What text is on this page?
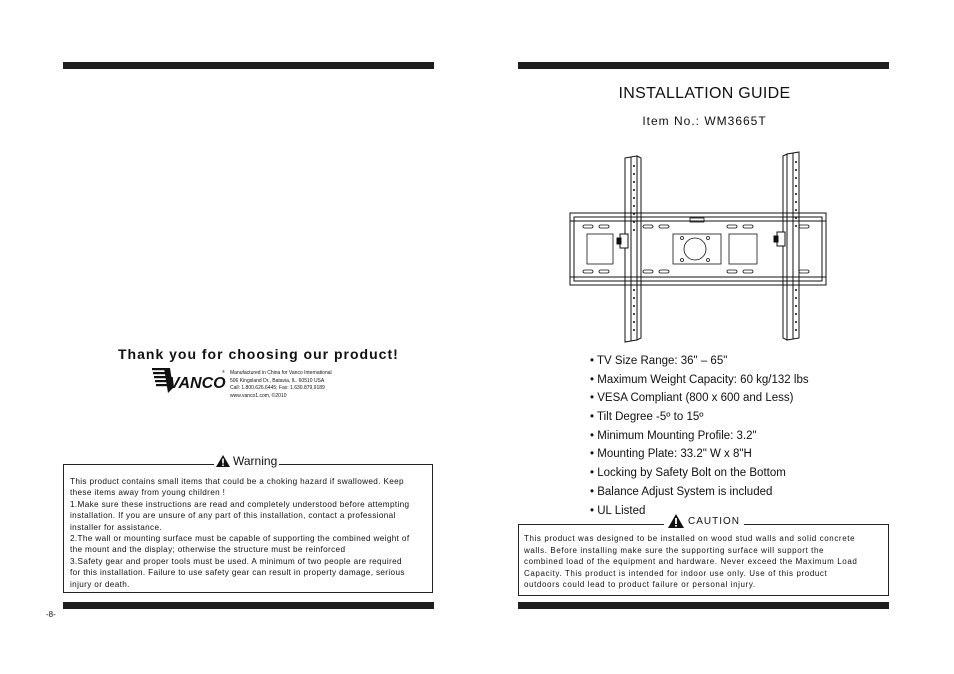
Thank you for choosing our product!
VANCO
® Manufactured in China for Vanco International
506 Kingsland Dr., Batavia, IL. 60510 USA
Call: 1.800.626.6445; Fax: 1.630.879.9189
www.vanco1.com, ©2010
Warning
This product contains small items that could be a choking hazard if swallowed. Keep
these items away from young children !
1.Make sure these instructions are read and completely understood before attempting
installation. If you are unsure of any part of this installation, contact a professional
installer for assistance.
2.The wall or mounting surface must be capable of supporting the combined weight of
the mount and the display; otherwise the structure must be reinforced
3.Safety gear and proper tools must be used. A minimum of two people are required
for this installation. Failure to use safety gear can result in property damage, serious
injury or death.
-8-
INSTALLATION GUIDE
Item No.: WM3665T
• TV Size Range: 36" – 65"
• Maximum Weight Capacity: 60 kg/132 lbs
• VESA Compliant (800 x 600 and Less)
• Tilt Degree -5º to 15º
• Minimum Mounting Profile: 3.2"
• Mounting Plate: 33.2" W x 8"H
• Locking by Safety Bolt on the Bottom
• Balance Adjust System is included
• UL Listed
CAUTION
This product was designed to be installed on wood stud walls and solid concrete
walls. Before installing make sure the supporting surface will support the
combined load of the equipment and hardware. Never exceed the Maximum Load
Capacity. This product is intended for indoor use only. Use of this product
outdoors could lead to product failure or personal injury.
